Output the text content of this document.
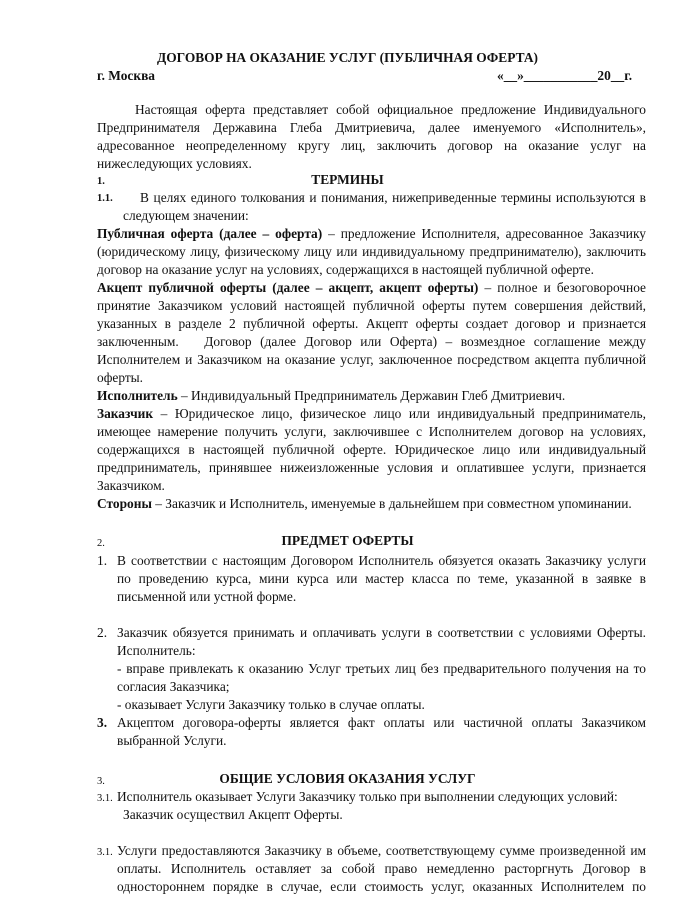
ДОГОВОР НА ОКАЗАНИЕ УСЛУГ (ПУБЛИЧНАЯ ОФЕРТА)
г. Москва	«__»___________20__г.
Настоящая оферта представляет собой официальное предложение Индивидуального
Предпринимателя Державина Глеба Дмитриевича, далее именуемого «Исполнитель»,
адресованное неопределенному кругу лиц, заключить договор на оказание услуг на
нижеследующих условиях.
1.	ТЕРМИНЫ
1.1. В целях единого толкования и понимания, нижеприведенные термины используются в
следующем значении:
Публичная оферта (далее – оферта) – предложение Исполнителя, адресованное Заказчику
(юридическому лицу, физическому лицу или индивидуальному предпринимателю), заключить
договор на оказание услуг на условиях, содержащихся в настоящей публичной оферте.
Акцепт публичной оферты (далее – акцепт, акцепт оферты) – полное и безоговорочное
принятие Заказчиком условий настоящей публичной оферты путем совершения действий,
указанных в разделе 2 публичной оферты. Акцепт оферты создает договор и признается
заключенным.   Договор (далее Договор или Оферта) – возмездное соглашение между
Исполнителем и Заказчиком на оказание услуг, заключенное посредством акцепта публичной
оферты.
Исполнитель – Индивидуальный Предприниматель Державин Глеб Дмитриевич.
Заказчик – Юридическое лицо, физическое лицо или индивидуальный предприниматель,
имеющее намерение получить услуги, заключившее с Исполнителем договор на условиях,
содержащихся в настоящей публичной оферте. Юридическое лицо или индивидуальный
предприниматель, принявшее нижеизложенные условия и оплатившее услуги, признается
Заказчиком.
Стороны – Заказчик и Исполнитель, именуемые в дальнейшем при совместном упоминании.
2.	ПРЕДМЕТ ОФЕРТЫ
1. В соответствии с настоящим Договором Исполнитель обязуется оказать Заказчику услуги
по проведению курса, мини курса или мастер класса по теме, указанной в заявке в
письменной или устной форме.
2. Заказчик обязуется принимать и оплачивать услуги в соответствии с условиями Оферты.
Исполнитель:
- вправе привлекать к оказанию Услуг третьих лиц без предварительного получения на то
согласия Заказчика;
- оказывает Услуги Заказчику только в случае оплаты.
3. Акцептом договора-оферты является факт оплаты или частичной оплаты Заказчиком
выбранной Услуги.
3.	ОБЩИЕ УСЛОВИЯ ОКАЗАНИЯ УСЛУГ
3.1. Исполнитель оказывает Услуги Заказчику только при выполнении следующих условий:
Заказчик осуществил Акцепт Оферты.
3.1. Услуги предоставляются Заказчику в объеме, соответствующему сумме произведенной им
оплаты. Исполнитель оставляет за собой право немедленно расторгнуть Договор в
одностороннем порядке в случае, если стоимость услуг, оказанных Исполнителем по
